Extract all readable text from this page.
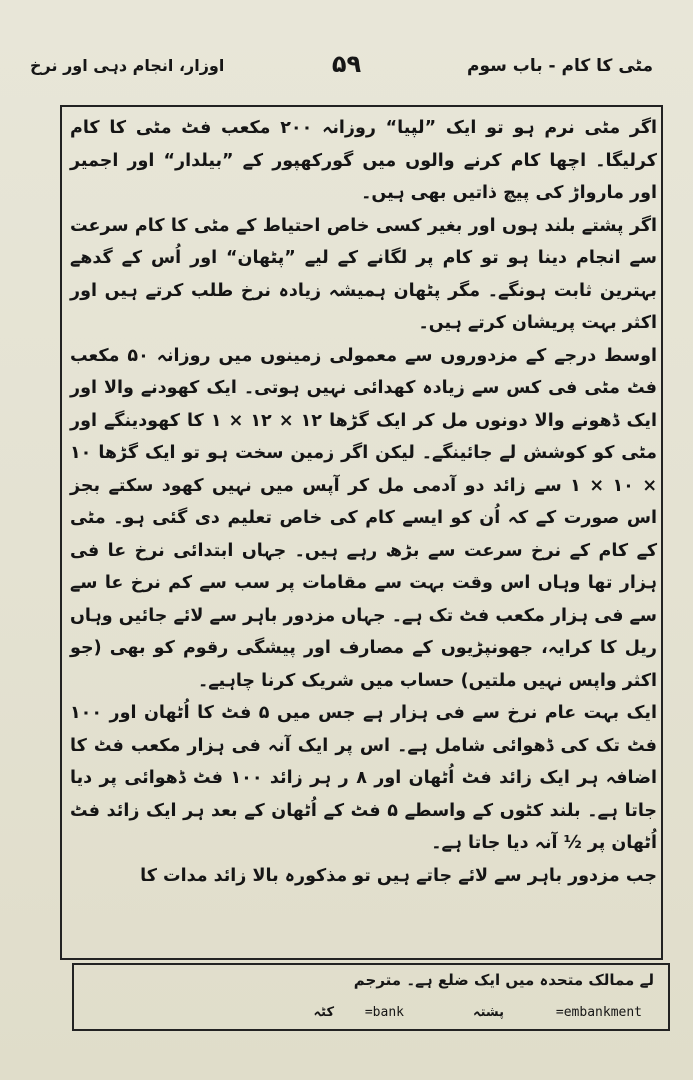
مٹی کا کام - باب سوم
۵۹
اوزار، انجام دہی اور نرخ

اگر مٹی نرم ہو تو ایک ”لپیا“ روزانہ ۲۰۰ مکعب فٹ مٹی کا کام کرلیگا۔ اچھا کام کرنے والوں میں گورکھپور کے ”بیلدار“ اور اجمیر اور مارواڑ کی پیچ ذاتیں بھی ہیں۔

اگر پشتے بلند ہوں اور بغیر کسی خاص احتیاط کے مٹی کا کام سرعت سے انجام دینا ہو تو کام پر لگانے کے لیے ”پٹھان“ اور اُس کے گدھے بہترین ثابت ہونگے۔ مگر پٹھان ہمیشہ زیادہ نرخ طلب کرتے ہیں اور اکثر بہت پریشان کرتے ہیں۔

اوسط درجے کے مزدوروں سے معمولی زمینوں میں روزانہ ۵۰ مکعب فٹ مٹی فی کس سے زیادہ کھدائی نہیں ہوتی۔ ایک کھودنے والا اور ایک ڈھونے والا دونوں مل کر ایک گڑھا ۱۲ × ۱۲ × ۱ کا کھودینگے اور مٹی کو کوشش لے جائینگے۔ لیکن اگر زمین سخت ہو تو ایک گڑھا ۱۰ × ۱۰ × ۱ سے زائد دو آدمی مل کر آپس میں نہیں کھود سکتے بجز اس صورت کے کہ اُن کو ایسے کام کی خاص تعلیم دی گئی ہو۔ مٹی کے کام کے نرخ سرعت سے بڑھ رہے ہیں۔ جہاں ابتدائی نرخ عا فی ہزار تھا وہاں اس وقت بہت سے مقامات پر سب سے کم نرخ عا سے سے فی ہزار مکعب فٹ تک ہے۔ جہاں مزدور باہر سے لائے جائیں وہاں ریل کا کرایہ، جھونپڑیوں کے مصارف اور پیشگی رقوم کو بھی (جو اکثر واپس نہیں ملتیں) حساب میں شریک کرنا چاہیے۔

ایک بہت عام نرخ سے فی ہزار ہے جس میں ۵ فٹ کا اُٹھان اور ۱۰۰ فٹ تک کی ڈھوائی شامل ہے۔ اس پر ایک آنہ فی ہزار مکعب فٹ کا اضافہ ہر ایک زائد فٹ اُٹھان اور ۸ ر ہر زائد ۱۰۰ فٹ ڈھوائی پر دیا جاتا ہے۔ بلند کٹوں کے واسطے ۵ فٹ کے اُٹھان کے بعد ہر ایک زائد فٹ اُٹھان پر ½ آنہ دیا جاتا ہے۔

جب مزدور باہر سے لائے جاتے ہیں تو مذکورہ بالا زائد مدات کا

لے ممالک متحدہ میں ایک ضلع ہے۔ مترجم
=embankment
پشتہ
=bank
کٹہ
